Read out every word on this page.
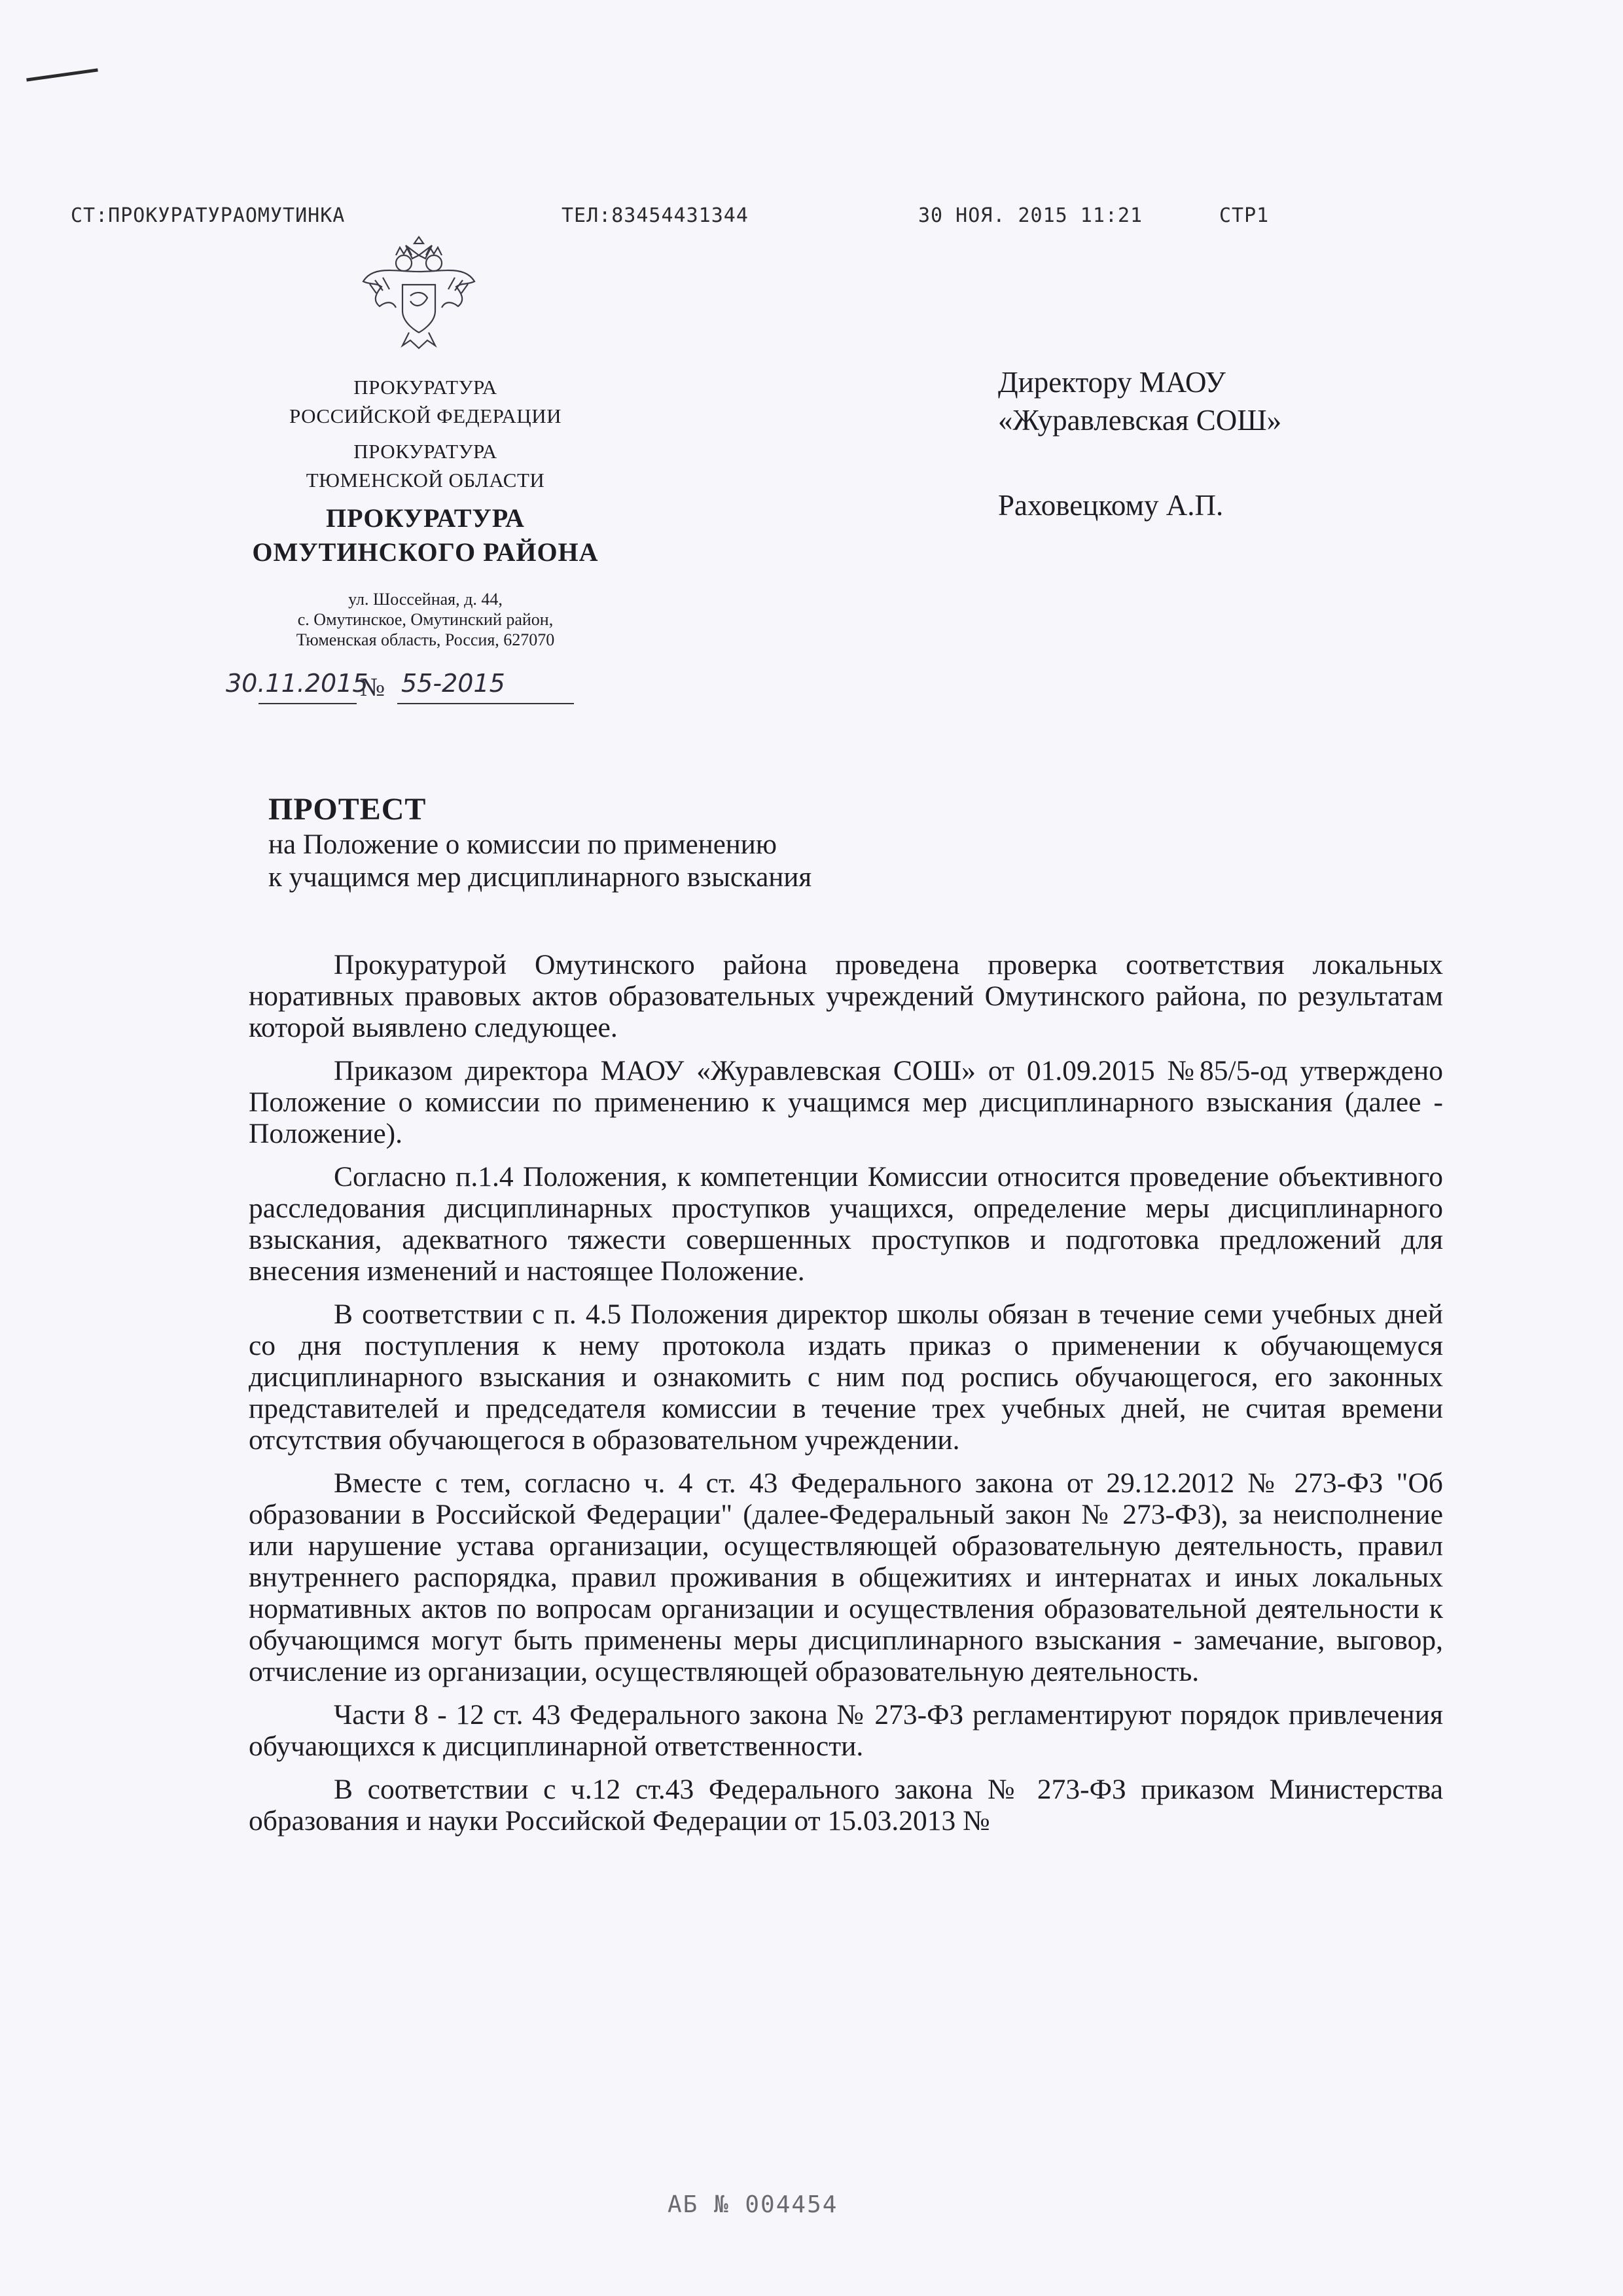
СТ:ПРОКУРАТУРАОМУТИНКА	ТЕЛ:83454431344	30 НОЯ. 2015 11:21	СТР1
ПРОКУРАТУРА
РОССИЙСКОЙ ФЕДЕРАЦИИ
ПРОКУРАТУРА
ТЮМЕНСКОЙ ОБЛАСТИ
ПРОКУРАТУРА
ОМУТИНСКОГО РАЙОНА
ул. Шоссейная, д. 44,
с. Омутинское, Омутинский район,
Тюменская область, Россия, 627070
30.11.2015
№ 55-2015
Директору МАОУ
«Журавлевская СОШ»
Раховецкому А.П.
ПРОТЕСТ
на Положение о комиссии по применению
к учащимся мер дисциплинарного взыскания

Прокуратурой Омутинского района проведена проверка соответствия локальных норативных правовых актов образовательных учреждений Омутинского района, по результатам которой выявлено следующее.

Приказом директора МАОУ «Журавлевская СОШ» от 01.09.2015 №85/5-од утверждено Положение о комиссии по применению к учащимся мер дисциплинарного взыскания (далее - Положение).

Согласно п.1.4 Положения, к компетенции Комиссии относится проведение объективного расследования дисциплинарных проступков учащихся, определение меры дисциплинарного взыскания, адекватного тяжести совершенных проступков и подготовка предложений для внесения изменений и настоящее Положение.

В соответствии с п. 4.5 Положения директор школы обязан в течение семи учебных дней со дня поступления к нему протокола издать приказ о применении к обучающемуся дисциплинарного взыскания и ознакомить с ним под роспись обучающегося, его законных представителей и председателя комиссии в течение трех учебных дней, не считая времени отсутствия обучающегося в образовательном учреждении.

Вместе с тем, согласно ч. 4 ст. 43 Федерального закона от 29.12.2012 № 273-ФЗ "Об образовании в Российской Федерации" (далее-Федеральный закон № 273-ФЗ), за неисполнение или нарушение устава организации, осуществляющей образовательную деятельность, правил внутреннего распорядка, правил проживания в общежитиях и интернатах и иных локальных нормативных актов по вопросам организации и осуществления образовательной деятельности к обучающимся могут быть применены меры дисциплинарного взыскания - замечание, выговор, отчисление из организации, осуществляющей образовательную деятельность.

Части 8 - 12 ст. 43 Федерального закона № 273-ФЗ регламентируют порядок привлечения обучающихся к дисциплинарной ответственности.

В соответствии с ч.12 ст.43 Федерального закона № 273-ФЗ приказом Министерства образования и науки Российской Федерации от 15.03.2013 №

АБ № 004454
